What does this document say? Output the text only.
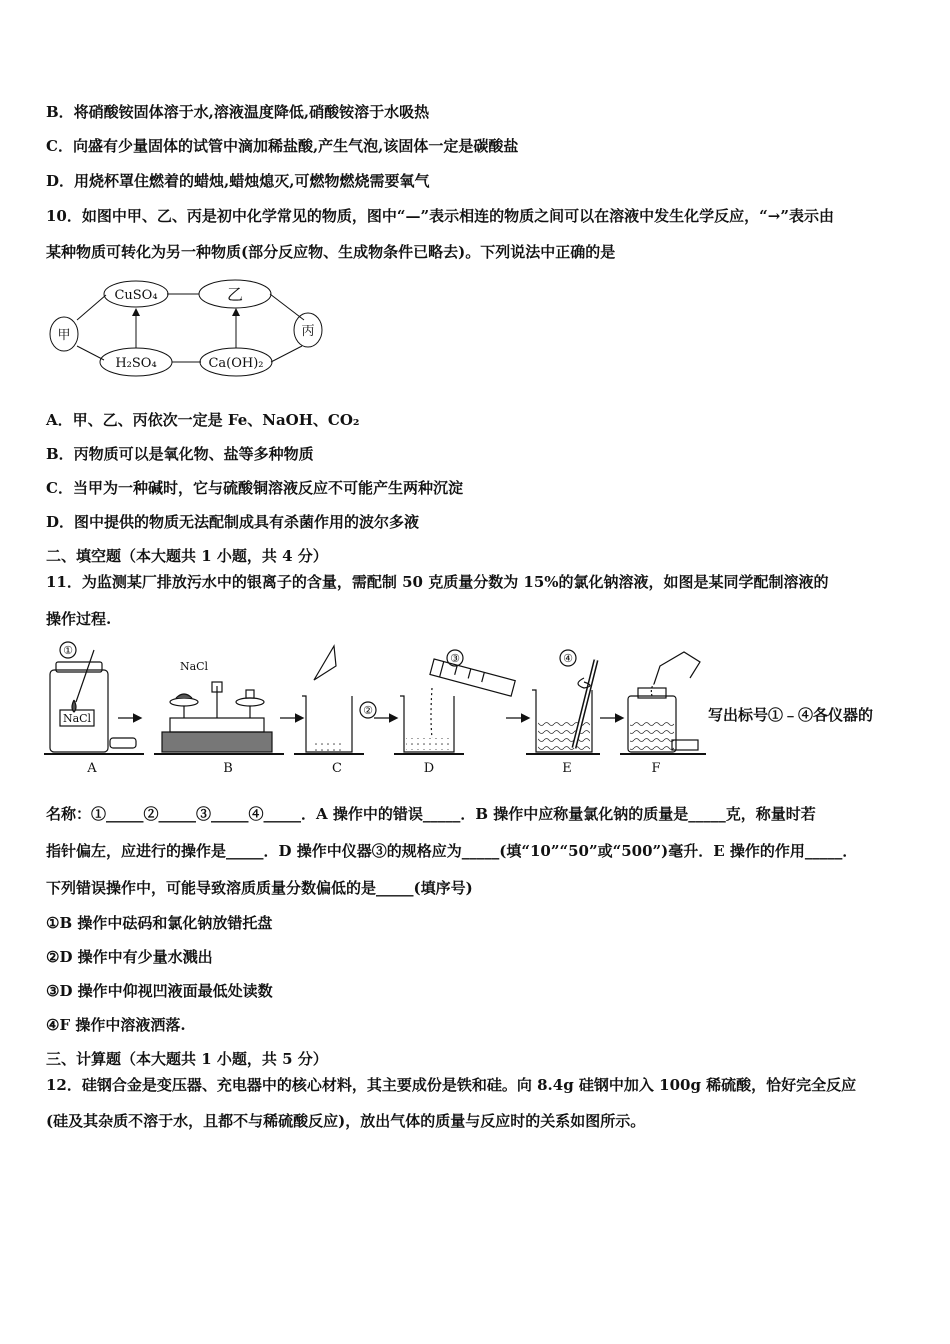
B．将硝酸铵固体溶于水,溶液温度降低,硝酸铵溶于水吸热
C．向盛有少量固体的试管中滴加稀盐酸,产生气泡,该固体一定是碳酸盐
D．用烧杯罩住燃着的蜡烛,蜡烛熄灭,可燃物燃烧需要氧气
10．如图中甲、乙、丙是初中化学常见的物质，图中“—”表示相连的物质之间可以在溶液中发生化学反应，“→”表示由
某种物质可转化为另一种物质(部分反应物、生成物条件已略去)。下列说法中正确的是
甲
CuSO₄	乙
丙
H₂SO₄	Ca(OH)₂
A．甲、乙、丙依次一定是 Fe、NaOH、CO₂
B．丙物质可以是氧化物、盐等多种物质
C．当甲为一种碱时，它与硫酸铜溶液反应不可能产生两种沉淀
D．图中提供的物质无法配制成具有杀菌作用的波尔多液
二、填空题（本大题共 1 小题，共 4 分）
11．为监测某厂排放污水中的银离子的含量，需配制 50 克质量分数为 15%的氯化钠溶液，如图是某同学配制溶液的
操作过程.
①
②
③	④
NaCl
NaCl
A	B	C	D	E	F
写出标号①﹣④各仪器的
名称：①_____②_____③_____④_____．A 操作中的错误_____．B 操作中应称量氯化钠的质量是_____克，称量时若
指针偏左，应进行的操作是_____．D 操作中仪器③的规格应为_____(填“10”“50”或“500”)毫升．E 操作的作用_____．
下列错误操作中，可能导致溶质质量分数偏低的是_____(填序号)
①B 操作中砝码和氯化钠放错托盘
②D 操作中有少量水溅出
③D 操作中仰视凹液面最低处读数
④F 操作中溶液洒落.
三、计算题（本大题共 1 小题，共 5 分）
12．硅钢合金是变压器、充电器中的核心材料，其主要成份是铁和硅。向 8.4g 硅钢中加入 100g 稀硫酸，恰好完全反应
(硅及其杂质不溶于水，且都不与稀硫酸反应)，放出气体的质量与反应时的关系如图所示。
